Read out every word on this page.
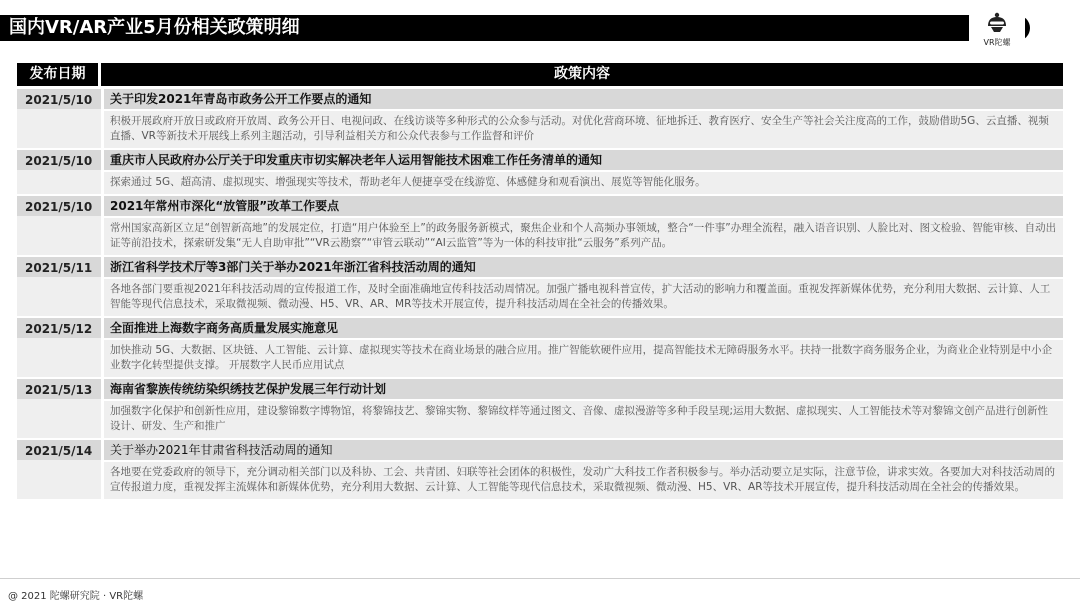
国内VR/AR产业5月份相关政策明细
VR陀螺
发布日期	政策内容
2021/5/10	关于印发2021年青岛市政务公开工作要点的通知
积极开展政府开放日或政府开放周、政务公开日、电视问政、在线访谈等多种形式的公众参与活动。对优化营商环境、征地拆迁、教育医疗、安全生产等社会关注度高的工作，鼓励借助5G、云直播、视频直播、VR等新技术开展线上系列主题活动，引导利益相关方和公众代表参与工作监督和评价
2021/5/10	重庆市人民政府办公厅关于印发重庆市切实解决老年人运用智能技术困难工作任务清单的通知
探索通过 5G、超高清、虚拟现实、增强现实等技术，帮助老年人便捷享受在线游览、体感健身和观看演出、展览等智能化服务。
2021/5/10	2021年常州市深化“放管服”改革工作要点
常州国家高新区立足“创智新高地”的发展定位，打造“用户体验至上”的政务服务新模式，聚焦企业和个人高频办事领域，整合“一件事”办理全流程，融入语音识别、人脸比对、图文检验、智能审核、自动出证等前沿技术，探索研发集“无人自助审批”“VR云勘察”“审管云联动”“AI云监管”等为一体的科技审批“云服务”系列产品。
2021/5/11	浙江省科学技术厅等3部门关于举办2021年浙江省科技活动周的通知
各地各部门要重视2021年科技活动周的宣传报道工作，及时全面准确地宣传科技活动周情况。加强广播电视科普宣传，扩大活动的影响力和覆盖面。重视发挥新媒体优势，充分利用大数据、云计算、人工智能等现代信息技术，采取微视频、微动漫、H5、VR、AR、MR等技术开展宣传，提升科技活动周在全社会的传播效果。
2021/5/12	全面推进上海数字商务高质量发展实施意见
加快推动 5G、大数据、区块链、人工智能、云计算、虚拟现实等技术在商业场景的融合应用。推广智能软硬件应用，提高智能技术无障碍服务水平。扶持一批数字商务服务企业，为商业企业特别是中小企业数字化转型提供支撑。 开展数字人民币应用试点
2021/5/13	海南省黎族传统纺染织绣技艺保护发展三年行动计划
加强数字化保护和创新性应用，建设黎锦数字博物馆，将黎锦技艺、黎锦实物、黎锦纹样等通过图文、音像、虚拟漫游等多种手段呈现;运用大数据、虚拟现实、人工智能技术等对黎锦文创产品进行创新性设计、研发、生产和推广
2021/5/14	关于举办2021年甘肃省科技活动周的通知
各地要在党委政府的领导下，充分调动相关部门以及科协、工会、共青团、妇联等社会团体的积极性，发动广大科技工作者积极参与。举办活动要立足实际，注意节俭，讲求实效。各要加大对科技活动周的宣传报道力度，重视发挥主流媒体和新媒体优势，充分利用大数据、云计算、人工智能等现代信息技术，采取微视频、微动漫、H5、VR、AR等技术开展宣传，提升科技活动周在全社会的传播效果。
@ 2021 陀螺研究院 · VR陀螺
